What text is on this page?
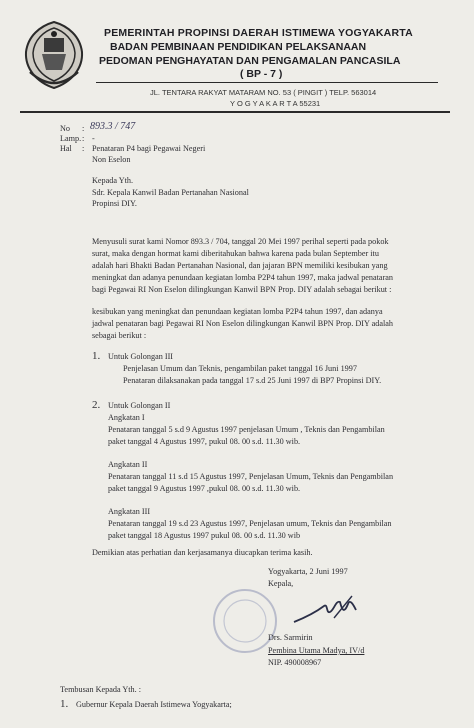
PEMERINTAH PROPINSI DAERAH ISTIMEWA YOGYAKARTA
BADAN PEMBINAAN PENDIDIKAN PELAKSANAAN
PEDOMAN PENGHAYATAN DAN PENGAMALAN PANCASILA
( BP - 7 )
JL. TENTARA RAKYAT MATARAM NO. 53 ( PINGIT ) TELP. 563014
Y O G Y A K A R T A 55231
No : 893.3 / 747
Lamp. : -
Hal : Penataran P4 bagi Pegawai Negeri
Non Eselon
Kepada Yth.
Sdr. Kepala Kanwil Badan Pertanahan Nasional
Propinsi DIY.
Menyusuli surat kami Nomor 893.3 / 704, tanggal 20 Mei 1997 perihal seperti pada pokok
surat, maka dengan hormat kami diberitahukan bahwa karena pada bulan September itu
adalah hari Bhakti Badan Pertanahan Nasional, dan jajaran BPN memiliki kesibukan yang
meningkat dan adanya penundaan kegiatan lomba P2P4 tahun 1997, maka jadwal penataran
bagi Pegawai RI Non Eselon dilingkungan Kanwil BPN Prop. DIY adalah sebagai berikut :
kesibukan yang meningkat dan penundaan kegiatan lomba P2P4 tahun 1997, dan adanya
jadwal penataran bagi Pegawai RI Non Eselon dilingkungan Kanwil BPN Prop. DIY adalah
sebagai berikut :
1. Untuk Golongan III
Penjelasan Umum dan Teknis, pengambilan paket tanggal 16 Juni 1997
Penataran dilaksanakan pada tanggal 17 s.d 25 Juni 1997 di BP7 Propinsi DIY.
2. Untuk Golongan II
Angkatan I
Penataran tanggal 5 s.d 9 Agustus 1997 penjelasan Umum , Teknis dan Pengambilan
paket tanggal 4 Agustus 1997, pukul 08. 00 s.d. 11.30 wib.
Angkatan II
Penataran tanggal 11 s.d 15 Agustus 1997, Penjelasan Umum, Teknis dan Pengambilan
paket tanggal 9 Agustus 1997 ,pukul 08. 00 s.d. 11.30 wib.
Angkatan III
Penataran tanggal 19 s.d 23 Agustus 1997, Penjelasan umum, Teknis dan Pengambilan
paket tanggal 18 Agustus 1997 pukul 08. 00 s.d. 11.30 wib
Demikian atas perhatian dan kerjasamanya diucapkan terima kasih.
Yogyakarta, 2 Juni 1997
Kepala,
Drs. Sarmirin
Pembina Utama Madya, IV/d
NIP. 490008967
Tembusan Kepada Yth. :
1. Gubernur Kepala Daerah Istimewa Yogyakarta;
